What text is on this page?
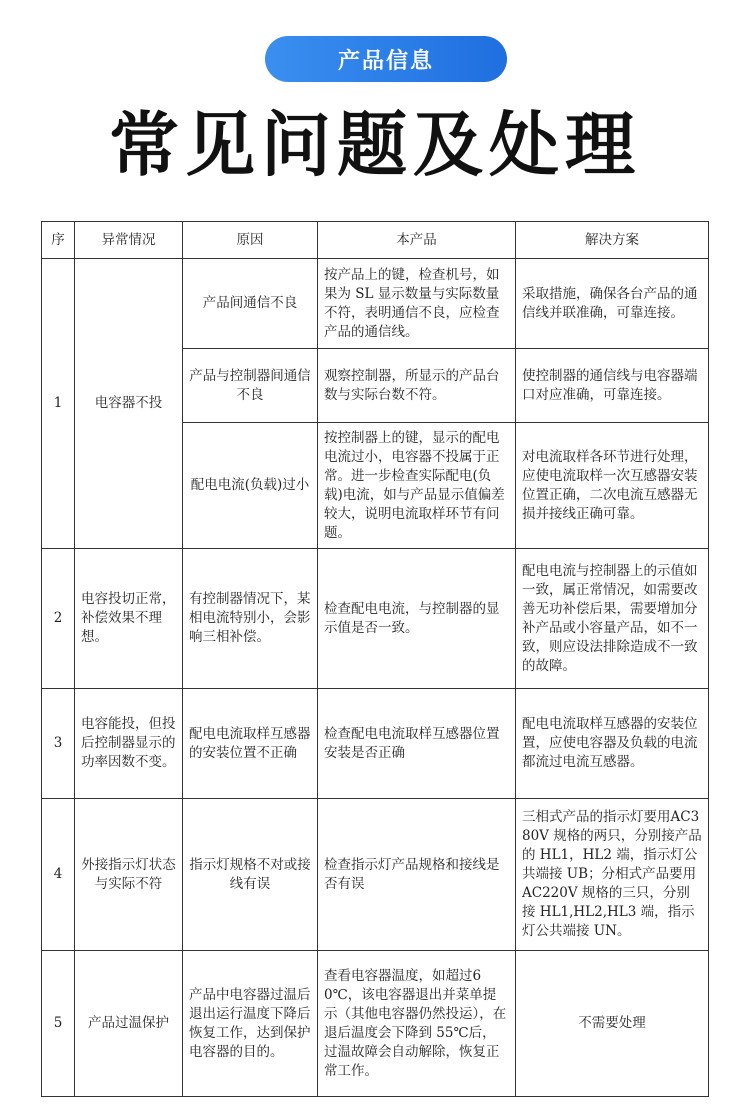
产品信息
常见问题及处理
序	异常情况	原因	本产品	解决方案
1	电容器不投	产品间通信不良	按产品上的键，检查机号，如果为 SL 显示数量与实际数量不符，表明通信不良，应检查产品的通信线。	采取措施，确保各台产品的通信线并联准确，可靠连接。
		产品与控制器间通信不良	观察控制器，所显示的产品台数与实际台数不符。	使控制器的通信线与电容器端口对应准确，可靠连接。
		配电电流(负载)过小	按控制器上的键，显示的配电电流过小，电容器不投属于正常。进一步检查实际配电(负载)电流，如与产品显示值偏差较大，说明电流取样环节有问题。	对电流取样各环节进行处理，应使电流取样一次互感器安装位置正确，二次电流互感器无损并接线正确可靠。
2	电容投切正常，补偿效果不理想。	有控制器情况下，某相电流特别小，会影响三相补偿。	检查配电电流，与控制器的显示值是否一致。	配电电流与控制器上的示值如一致，属正常情况，如需要改善无功补偿后果，需要增加分补产品或小容量产品，如不一致，则应设法排除造成不一致的故障。
3	电容能投，但投后控制器显示的功率因数不变。	配电电流取样互感器的安装位置不正确	检查配电电流取样互感器位置安装是否正确	配电电流取样互感器的安装位置，应使电容器及负载的电流都流过电流互感器。
4	外接指示灯状态与实际不符	指示灯规格不对或接线有误	检查指示灯产品规格和接线是否有误	三相式产品的指示灯要用AC380V 规格的两只，分别接产品的 HL1，HL2 端，指示灯公共端接 UB；分相式产品要用 AC220V 规格的三只，分别接 HL1,HL2,HL3 端，指示灯公共端接 UN。
5	产品过温保护	产品中电容器过温后退出运行温度下降后恢复工作，达到保护电容器的目的。	查看电容器温度，如超过60℃，该电容器退出并菜单提示（其他电容器仍然投运），在退后温度会下降到 55℃后，过温故障会自动解除，恢复正常工作。	不需要处理
